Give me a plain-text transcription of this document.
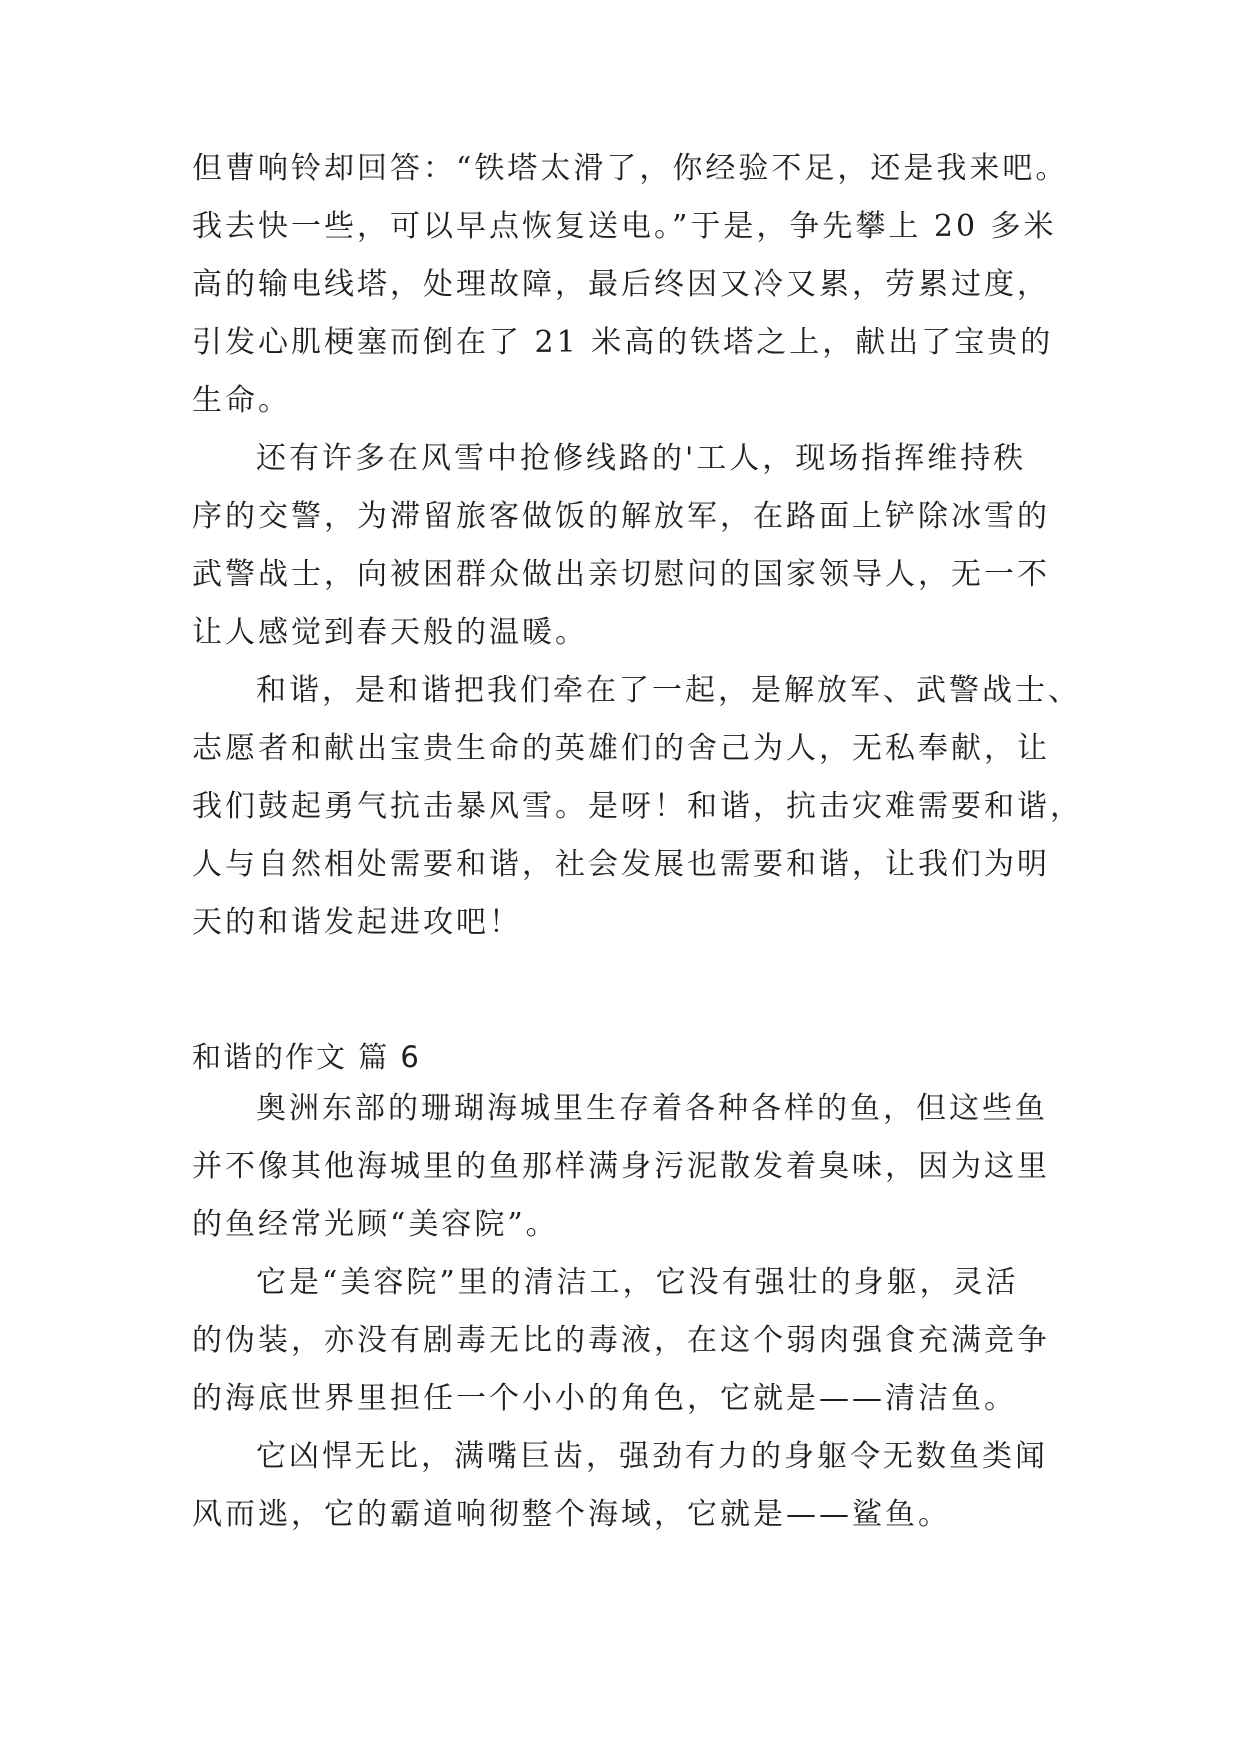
但曹响铃却回答：“铁塔太滑了，你经验不足，还是我来吧。
我去快一些，可以早点恢复送电。”于是，争先攀上 20 多米
高的输电线塔，处理故障，最后终因又冷又累，劳累过度，
引发心肌梗塞而倒在了 21 米高的铁塔之上，献出了宝贵的
生命。
还有许多在风雪中抢修线路的'工人，现场指挥维持秩
序的交警，为滞留旅客做饭的解放军，在路面上铲除冰雪的
武警战士，向被困群众做出亲切慰问的国家领导人，无一不
让人感觉到春天般的温暖。
和谐，是和谐把我们牵在了一起，是解放军、武警战士、
志愿者和献出宝贵生命的英雄们的舍己为人，无私奉献，让
我们鼓起勇气抗击暴风雪。是呀！和谐，抗击灾难需要和谐，
人与自然相处需要和谐，社会发展也需要和谐，让我们为明
天的和谐发起进攻吧！
和谐的作文 篇 6
奥洲东部的珊瑚海城里生存着各种各样的鱼，但这些鱼
并不像其他海城里的鱼那样满身污泥散发着臭味，因为这里
的鱼经常光顾“美容院”。
它是“美容院”里的清洁工，它没有强壮的身躯，灵活
的伪装，亦没有剧毒无比的毒液，在这个弱肉强食充满竞争
的海底世界里担任一个小小的角色，它就是——清洁鱼。
它凶悍无比，满嘴巨齿，强劲有力的身躯令无数鱼类闻
风而逃，它的霸道响彻整个海域，它就是——鲨鱼。
